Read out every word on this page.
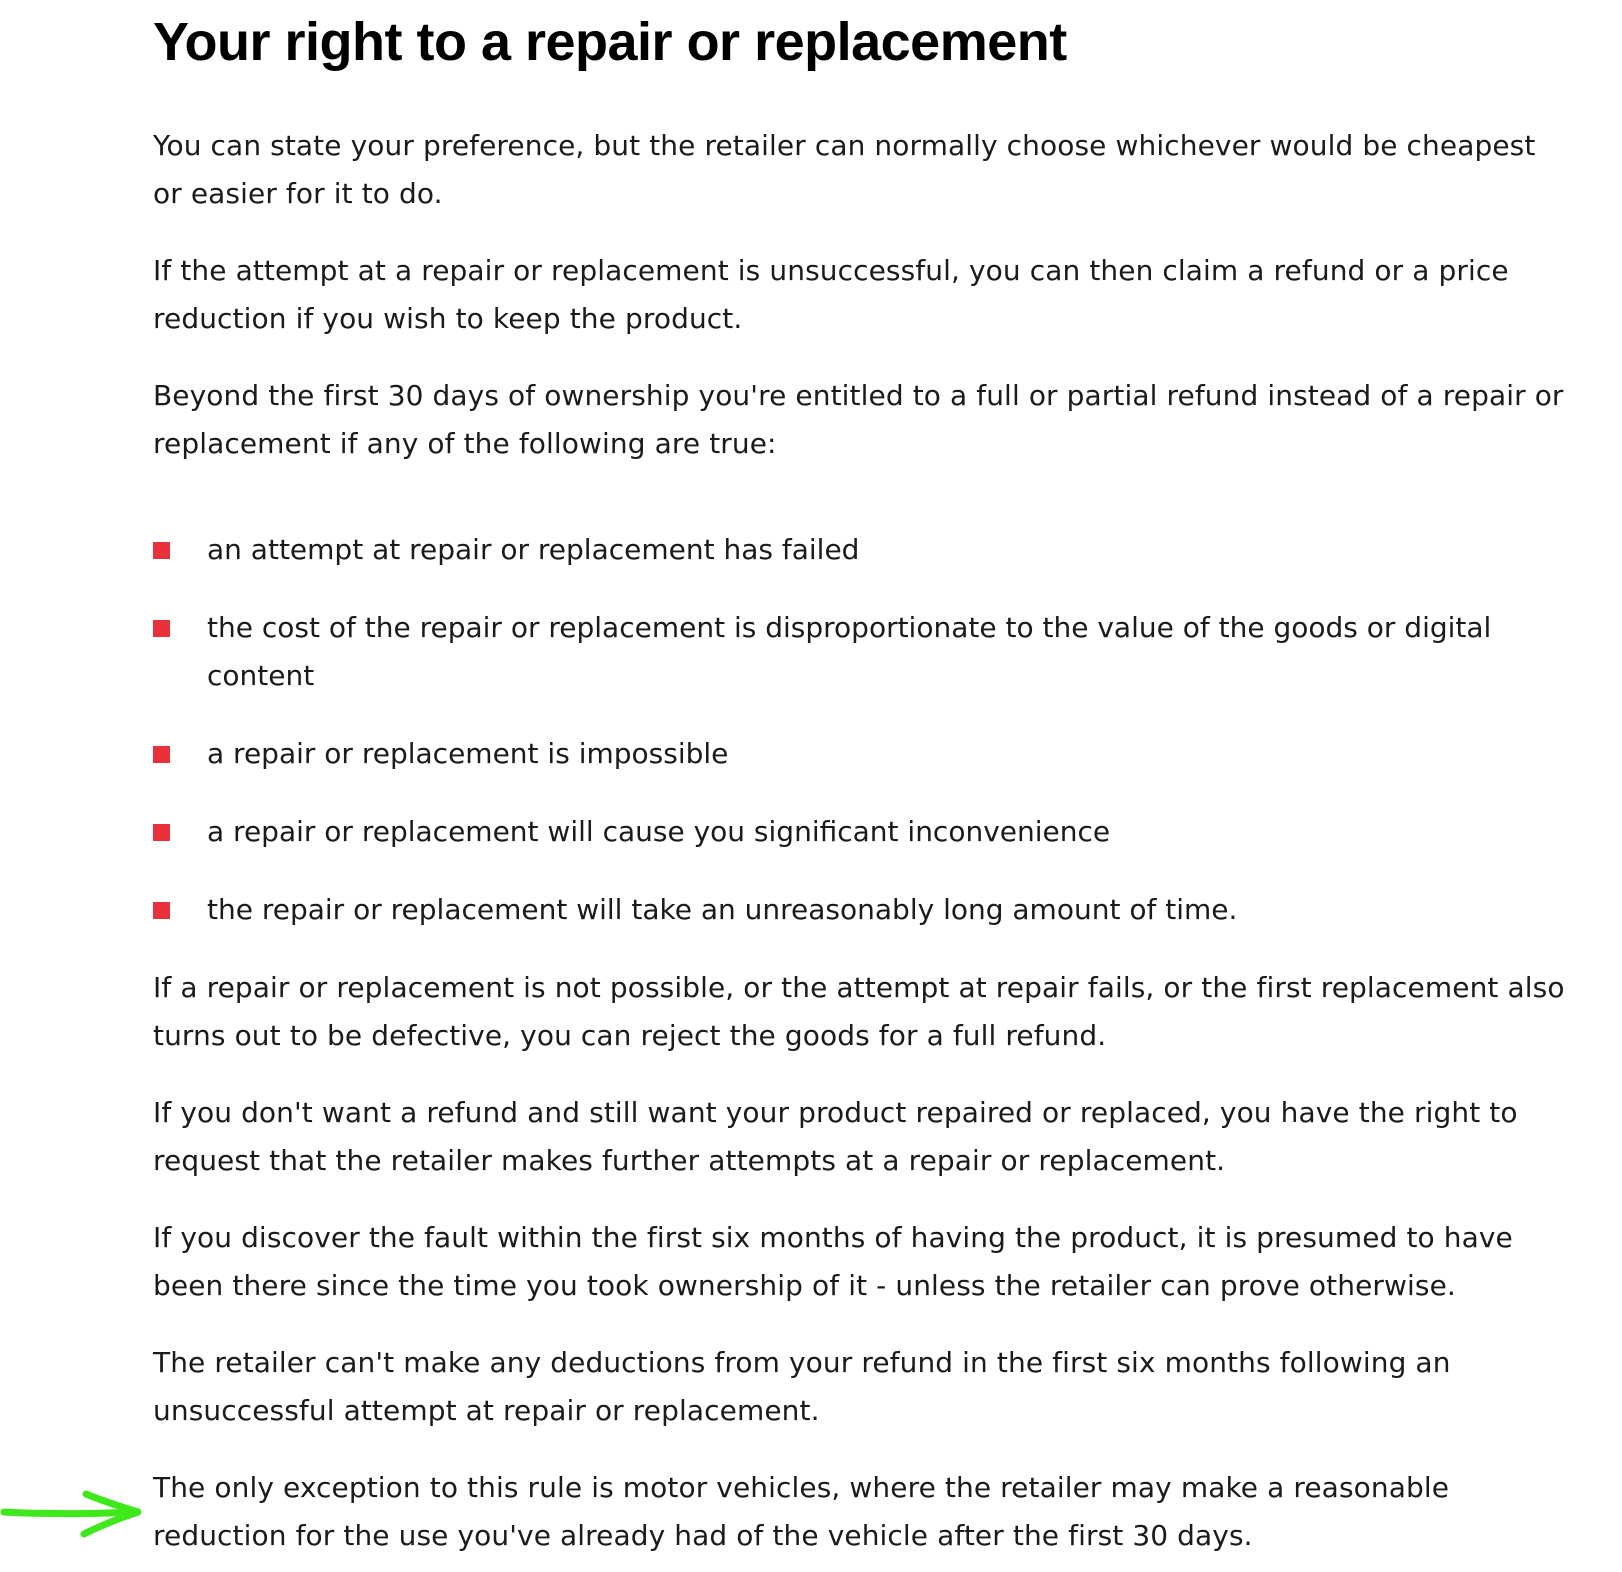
Your right to a repair or replacement

You can state your preference, but the retailer can normally choose whichever would be cheapest or easier for it to do.

If the attempt at a repair or replacement is unsuccessful, you can then claim a refund or a price reduction if you wish to keep the product.

Beyond the first 30 days of ownership you're entitled to a full or partial refund instead of a repair or replacement if any of the following are true:

an attempt at repair or replacement has failed
the cost of the repair or replacement is disproportionate to the value of the goods or digital content
a repair or replacement is impossible
a repair or replacement will cause you significant inconvenience
the repair or replacement will take an unreasonably long amount of time.

If a repair or replacement is not possible, or the attempt at repair fails, or the first replacement also turns out to be defective, you can reject the goods for a full refund.

If you don't want a refund and still want your product repaired or replaced, you have the right to request that the retailer makes further attempts at a repair or replacement.

If you discover the fault within the first six months of having the product, it is presumed to have been there since the time you took ownership of it - unless the retailer can prove otherwise.

The retailer can't make any deductions from your refund in the first six months following an unsuccessful attempt at repair or replacement.

The only exception to this rule is motor vehicles, where the retailer may make a reasonable reduction for the use you've already had of the vehicle after the first 30 days.
